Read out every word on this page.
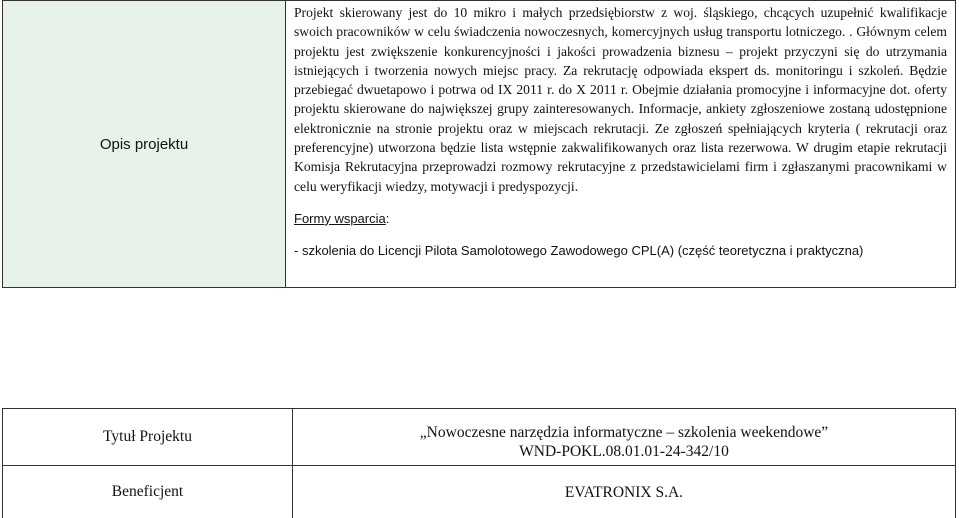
Opis projektu

Projekt skierowany jest do 10 mikro i małych przedsiębiorstw z woj. śląskiego, chcących uzupełnić kwalifikacje swoich pracowników w celu świadczenia nowoczesnych, komercyjnych usług transportu lotniczego. . Głównym celem projektu jest zwiększenie konkurencyjności i jakości prowadzenia biznesu – projekt przyczyni się do utrzymania istniejących i tworzenia nowych miejsc pracy. Za rekrutację odpowiada ekspert ds. monitoringu i szkoleń. Będzie przebiegać dwuetapowo i potrwa od IX 2011 r. do X 2011 r. Obejmie działania promocyjne i informacyjne dot. oferty projektu skierowane do największej grupy zainteresowanych. Informacje, ankiety zgłoszeniowe zostaną udostępnione elektronicznie na stronie projektu oraz w miejscach rekrutacji. Ze zgłoszeń spełniających kryteria ( rekrutacji oraz preferencyjne) utworzona będzie lista wstępnie zakwalifikowanych oraz lista rezerwowa. W drugim etapie rekrutacji Komisja Rekrutacyjna przeprowadzi rozmowy rekrutacyjne z przedstawicielami firm i zgłaszanymi pracownikami w celu weryfikacji wiedzy, motywacji i predyspozycji.

Formy wsparcia:

- szkolenia do Licencji Pilota Samolotowego Zawodowego CPL(A) (część teoretyczna i praktyczna)

Tytuł Projektu	„Nowoczesne narzędzia informatyczne – szkolenia weekendowe”
WND-POKL.08.01.01-24-342/10
Beneficjent	EVATRONIX S.A.
